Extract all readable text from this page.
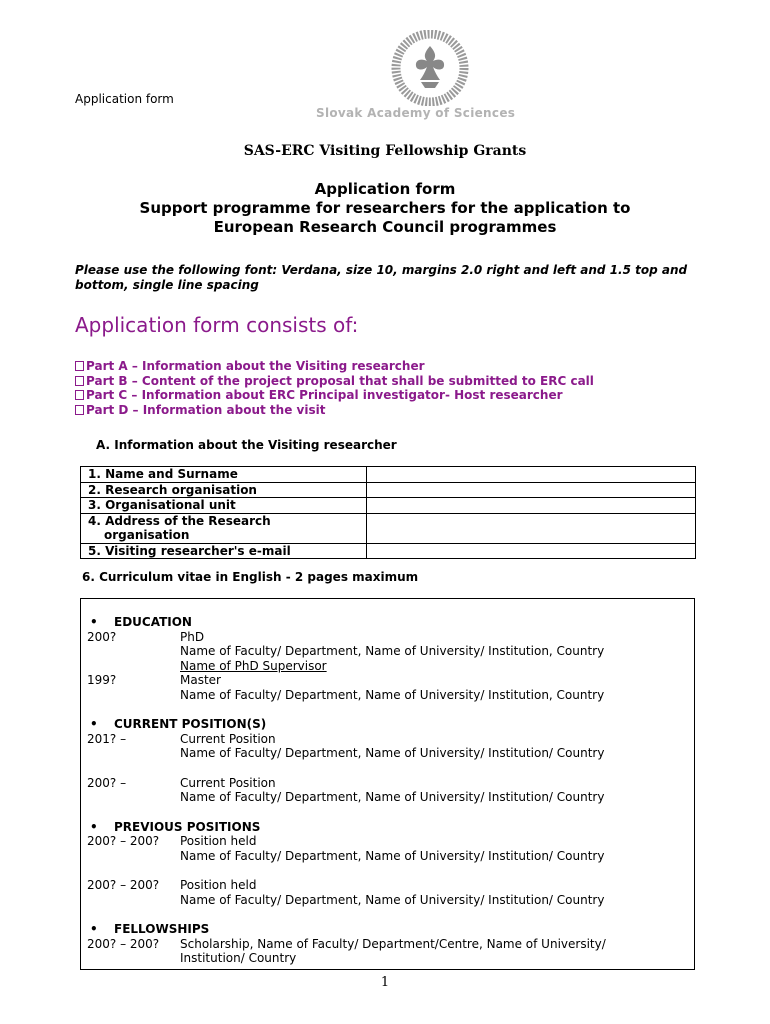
Application form
Slovak Academy of Sciences
SAS-ERC Visiting Fellowship Grants
Application form
Support programme for researchers for the application to
European Research Council programmes
Please use the following font: Verdana, size 10, margins 2.0 right and left and 1.5 top and bottom, single line spacing
Application form consists of:
Part A – Information about the Visiting researcher
Part B – Content of the project proposal that shall be submitted to ERC call
Part C – Information about ERC Principal investigator- Host researcher
Part D – Information about the visit
A. Information about the Visiting researcher
1. Name and Surname	
2. Research organisation	
3. Organisational unit	

4. Address of the Research
organisation	

5. Visiting researcher's e-mail	
6. Curriculum vitae in English - 2 pages maximum
• EDUCATION
200?	PhD
Name of Faculty/ Department, Name of University/ Institution, Country
Name of PhD Supervisor
199?	Master
Name of Faculty/ Department, Name of University/ Institution, Country
• CURRENT POSITION(S)
201? –	Current Position
Name of Faculty/ Department, Name of University/ Institution/ Country
200? –	Current Position
Name of Faculty/ Department, Name of University/ Institution/ Country
• PREVIOUS POSITIONS
200? – 200?	Position held
Name of Faculty/ Department, Name of University/ Institution/ Country
200? – 200?	Position held
Name of Faculty/ Department, Name of University/ Institution/ Country
• FELLOWSHIPS
200? – 200?	Scholarship, Name of Faculty/ Department/Centre, Name of University/
Institution/ Country
1
